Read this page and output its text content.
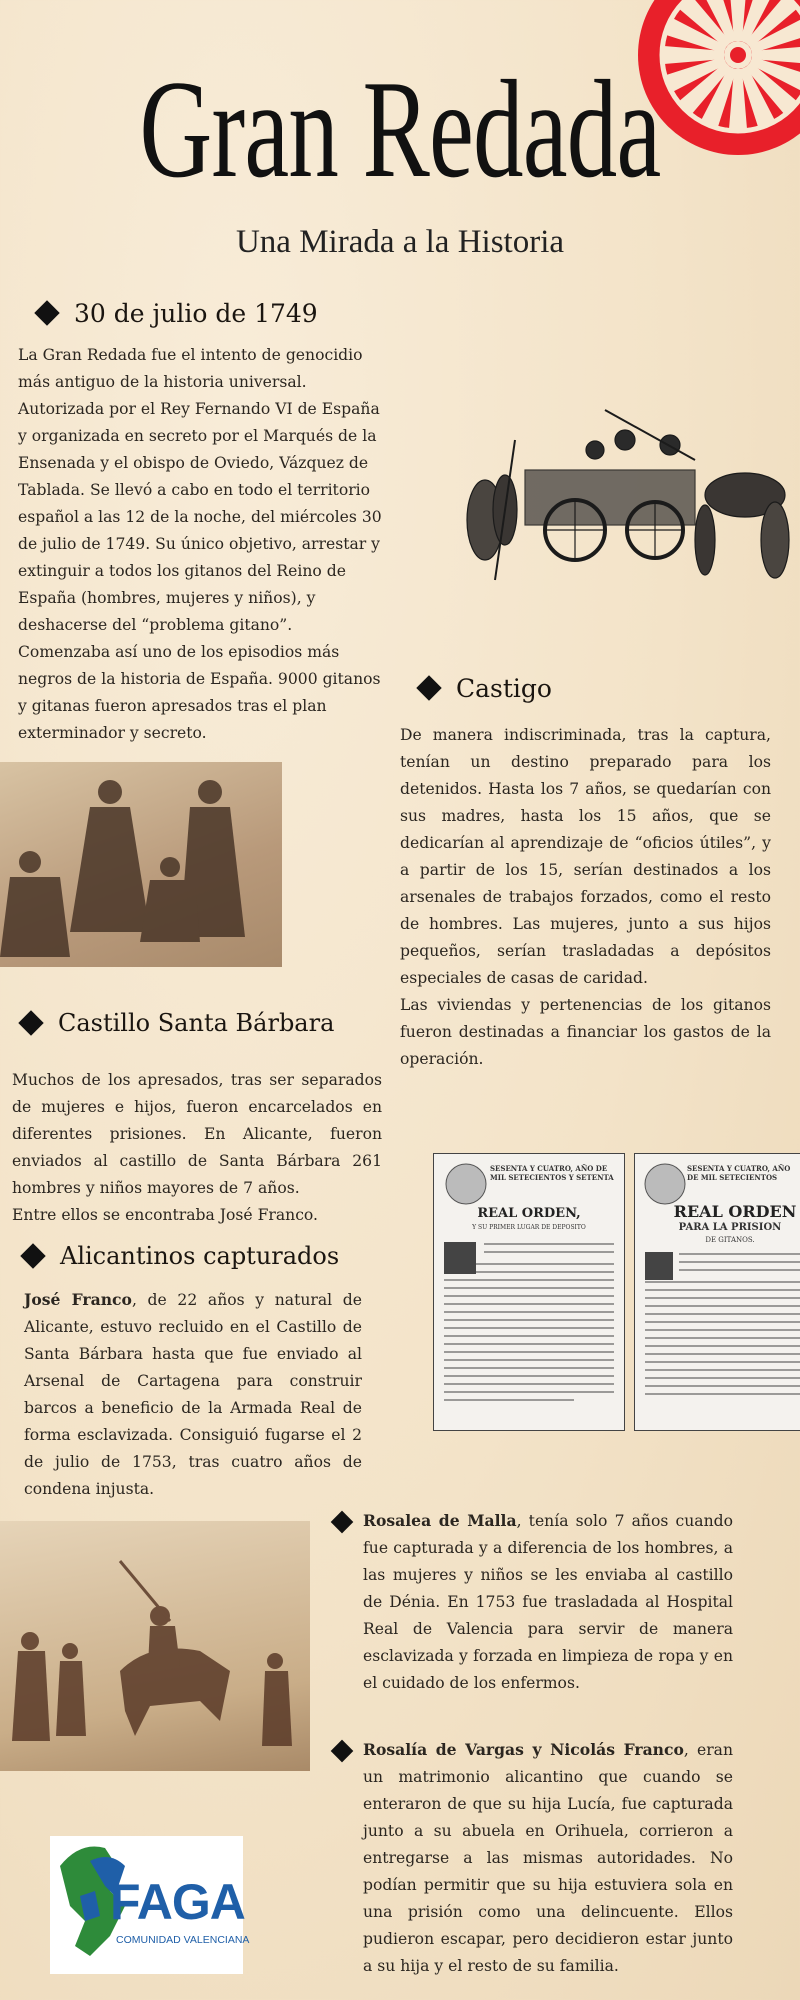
Gran Redada
Una Mirada a la Historia
30 de julio de 1749

La Gran Redada fue el intento de genocidio más antiguo de la historia universal. Autorizada por el Rey Fernando VI de España y organizada en secreto por el Marqués de la Ensenada y el obispo de Oviedo, Vázquez de Tablada. Se llevó a cabo en todo el territorio español a las 12 de la noche, del miércoles 30 de julio de 1749. Su único objetivo, arrestar y extinguir a todos los gitanos del Reino de España (hombres, mujeres y niños), y deshacerse del “problema gitano”.

Comenzaba así uno de los episodios más negros de la historia de España. 9000 gitanos y gitanas fueron apresados tras el plan exterminador y secreto.

Castigo

De manera indiscriminada, tras la captura, tenían un destino preparado para los detenidos. Hasta los 7 años, se quedarían con sus madres, hasta los 15 años, que se dedicarían al aprendizaje de “oficios útiles”, y a partir de los 15, serían destinados a los arsenales de trabajos forzados, como el resto de hombres. Las mujeres, junto a sus hijos pequeños, serían trasladadas a depósitos especiales de casas de caridad.

Las viviendas y pertenencias de los gitanos fueron destinadas a financiar los gastos de la operación.

Castillo Santa Bárbara

Muchos de los apresados, tras ser separados de mujeres e hijos, fueron encarcelados en diferentes prisiones. En Alicante, fueron enviados al castillo de Santa Bárbara 261 hombres y niños mayores de 7 años.

Entre ellos se encontraba José Franco.

SESENTA Y CUATRO, AÑO DE MIL SETECIENTOS Y SETENTA
REAL ORDEN,
Y SU PRIMER LUGAR DE DEPOSITO
SESENTA Y CUATRO, AÑO DE MIL SETECIENTOS
REAL ORDEN
PARA LA PRISION
DE GITANOS.
Alicantinos capturados
José Franco, de 22 años y natural de Alicante, estuvo recluido en el Castillo de Santa Bárbara hasta que fue enviado al Arsenal de Cartagena para construir barcos a beneficio de la Armada Real de forma esclavizada. Consiguió fugarse el 2 de julio de 1753, tras cuatro años de condena injusta.
Rosalea de Malla, tenía solo 7 años cuando fue capturada y a diferencia de los hombres, a las mujeres y niños se les enviaba al castillo de Dénia. En 1753 fue trasladada al Hospital Real de Valencia para servir de manera esclavizada y forzada en limpieza de ropa y en el cuidado de los enfermos.
Rosalía de Vargas y Nicolás Franco, eran un matrimonio alicantino que cuando se enteraron de que su hija Lucía, fue capturada junto a su abuela en Orihuela, corrieron a entregarse a las mismas autoridades. No podían permitir que su hija estuviera sola en una prisión como una delincuente. Ellos pudieron escapar, pero decidieron estar junto a su hija y el resto de su familia.
FAGA
COMUNIDAD VALENCIANA
